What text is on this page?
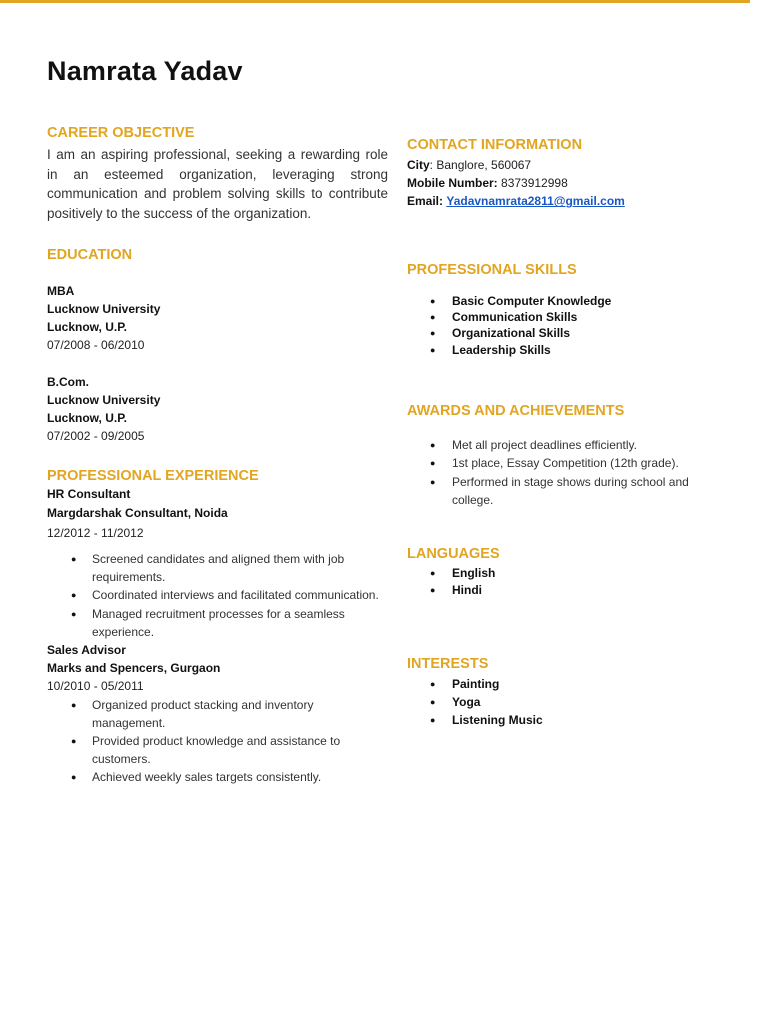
Namrata Yadav
CAREER OBJECTIVE

I am an aspiring professional, seeking a rewarding role in an esteemed organization, leveraging strong communication and problem solving skills to contribute positively to the success of the organization.

EDUCATION
MBA
Lucknow University
Lucknow, U.P.
07/2008 - 06/2010
B.Com.
Lucknow University
Lucknow, U.P.
07/2002 - 09/2005
PROFESSIONAL EXPERIENCE
HR Consultant
Margdarshak Consultant, Noida
12/2012 - 11/2012
● Screened candidates and aligned them with job requirements.
● Coordinated interviews and facilitated communication.
● Managed recruitment processes for a seamless experience.
Sales Advisor
Marks and Spencers, Gurgaon
10/2010 - 05/2011
● Organized product stacking and inventory management.
● Provided product knowledge and assistance to customers.
● Achieved weekly sales targets consistently.
CONTACT INFORMATION
City: Banglore, 560067
Mobile Number: 8373912998
Email: Yadavnamrata2811@gmail.com
PROFESSIONAL SKILLS
● Basic Computer Knowledge
● Communication Skills
● Organizational Skills
● Leadership Skills
AWARDS AND ACHIEVEMENTS
● Met all project deadlines efficiently.
● 1st place, Essay Competition (12th grade).
● Performed in stage shows during school and college.
LANGUAGES
● English
● Hindi
INTERESTS
● Painting
● Yoga
● Listening Music
